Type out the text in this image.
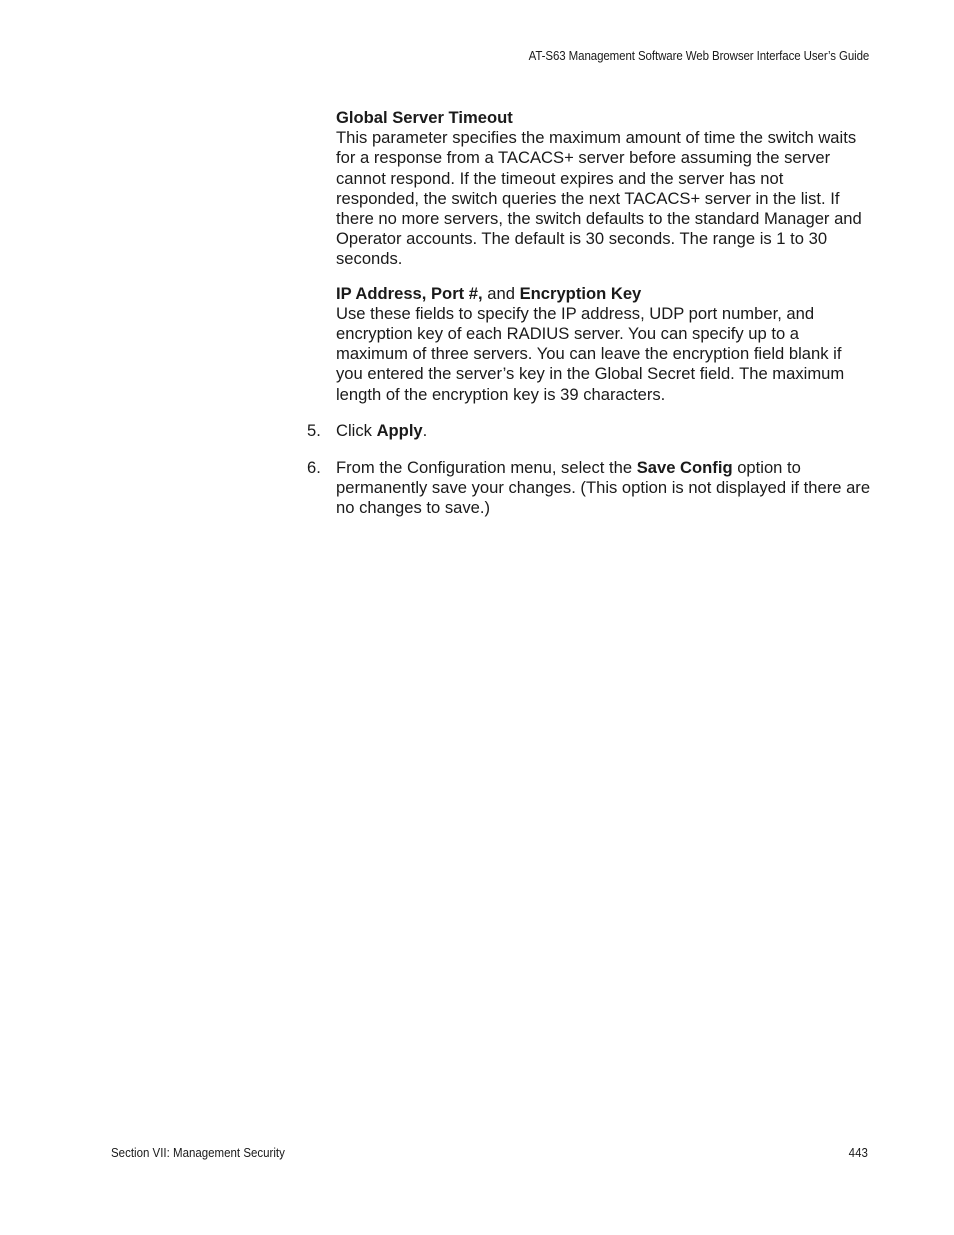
AT-S63 Management Software Web Browser Interface User’s Guide

Global Server Timeout

This parameter specifies the maximum amount of time the switch waits for a response from a TACACS+ server before assuming the server cannot respond. If the timeout expires and the server has not responded, the switch queries the next TACACS+ server in the list. If there no more servers, the switch defaults to the standard Manager and Operator accounts. The default is 30 seconds. The range is 1 to 30 seconds.

IP Address, Port #, and Encryption Key

Use these fields to specify the IP address, UDP port number, and encryption key of each RADIUS server. You can specify up to a maximum of three servers. You can leave the encryption field blank if you entered the server’s key in the Global Secret field. The maximum length of the encryption key is 39 characters.

5. Click Apply.

6. From the Configuration menu, select the Save Config option to permanently save your changes. (This option is not displayed if there are no changes to save.)

Section VII: Management Security	443
